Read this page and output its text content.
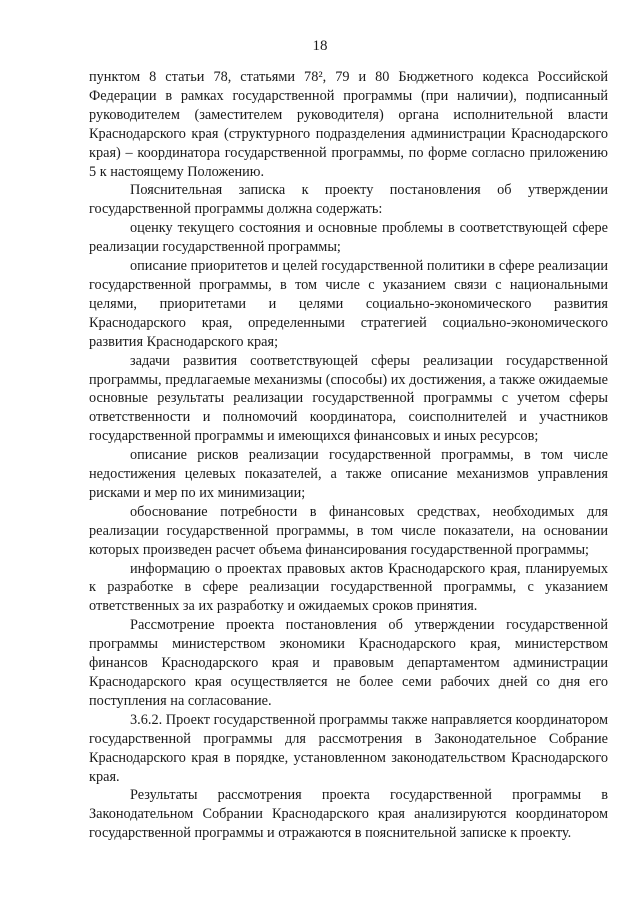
18

пунктом 8 статьи 78, статьями 78², 79 и 80 Бюджетного кодекса Российской Федерации в рамках государственной программы (при наличии), подписанный руководителем (заместителем руководителя) органа исполнительной власти Краснодарского края (структурного подразделения администрации Краснодарского края) – координатора государственной программы, по форме согласно приложению 5 к настоящему Положению.

Пояснительная записка к проекту постановления об утверждении государственной программы должна содержать:

оценку текущего состояния и основные проблемы в соответствующей сфере реализации государственной программы;

описание приоритетов и целей государственной политики в сфере реализации государственной программы, в том числе с указанием связи с национальными целями, приоритетами и целями социально-экономического развития Краснодарского края, определенными стратегией социально-экономического развития Краснодарского края;

задачи развития соответствующей сферы реализации государственной программы, предлагаемые механизмы (способы) их достижения, а также ожидаемые основные результаты реализации государственной программы с учетом сферы ответственности и полномочий координатора, соисполнителей и участников государственной программы и имеющихся финансовых и иных ресурсов;

описание рисков реализации государственной программы, в том числе недостижения целевых показателей, а также описание механизмов управления рисками и мер по их минимизации;

обоснование потребности в финансовых средствах, необходимых для реализации государственной программы, в том числе показатели, на основании которых произведен расчет объема финансирования государственной программы;

информацию о проектах правовых актов Краснодарского края, планируемых к разработке в сфере реализации государственной программы, с указанием ответственных за их разработку и ожидаемых сроков принятия.

Рассмотрение проекта постановления об утверждении государственной программы министерством экономики Краснодарского края, министерством финансов Краснодарского края и правовым департаментом администрации Краснодарского края осуществляется не более семи рабочих дней со дня его поступления на согласование.

3.6.2. Проект государственной программы также направляется координатором государственной программы для рассмотрения в Законодательное Собрание Краснодарского края в порядке, установленном законодательством Краснодарского края.

Результаты рассмотрения проекта государственной программы в Законодательном Собрании Краснодарского края анализируются координатором государственной программы и отражаются в пояснительной записке к проекту.
